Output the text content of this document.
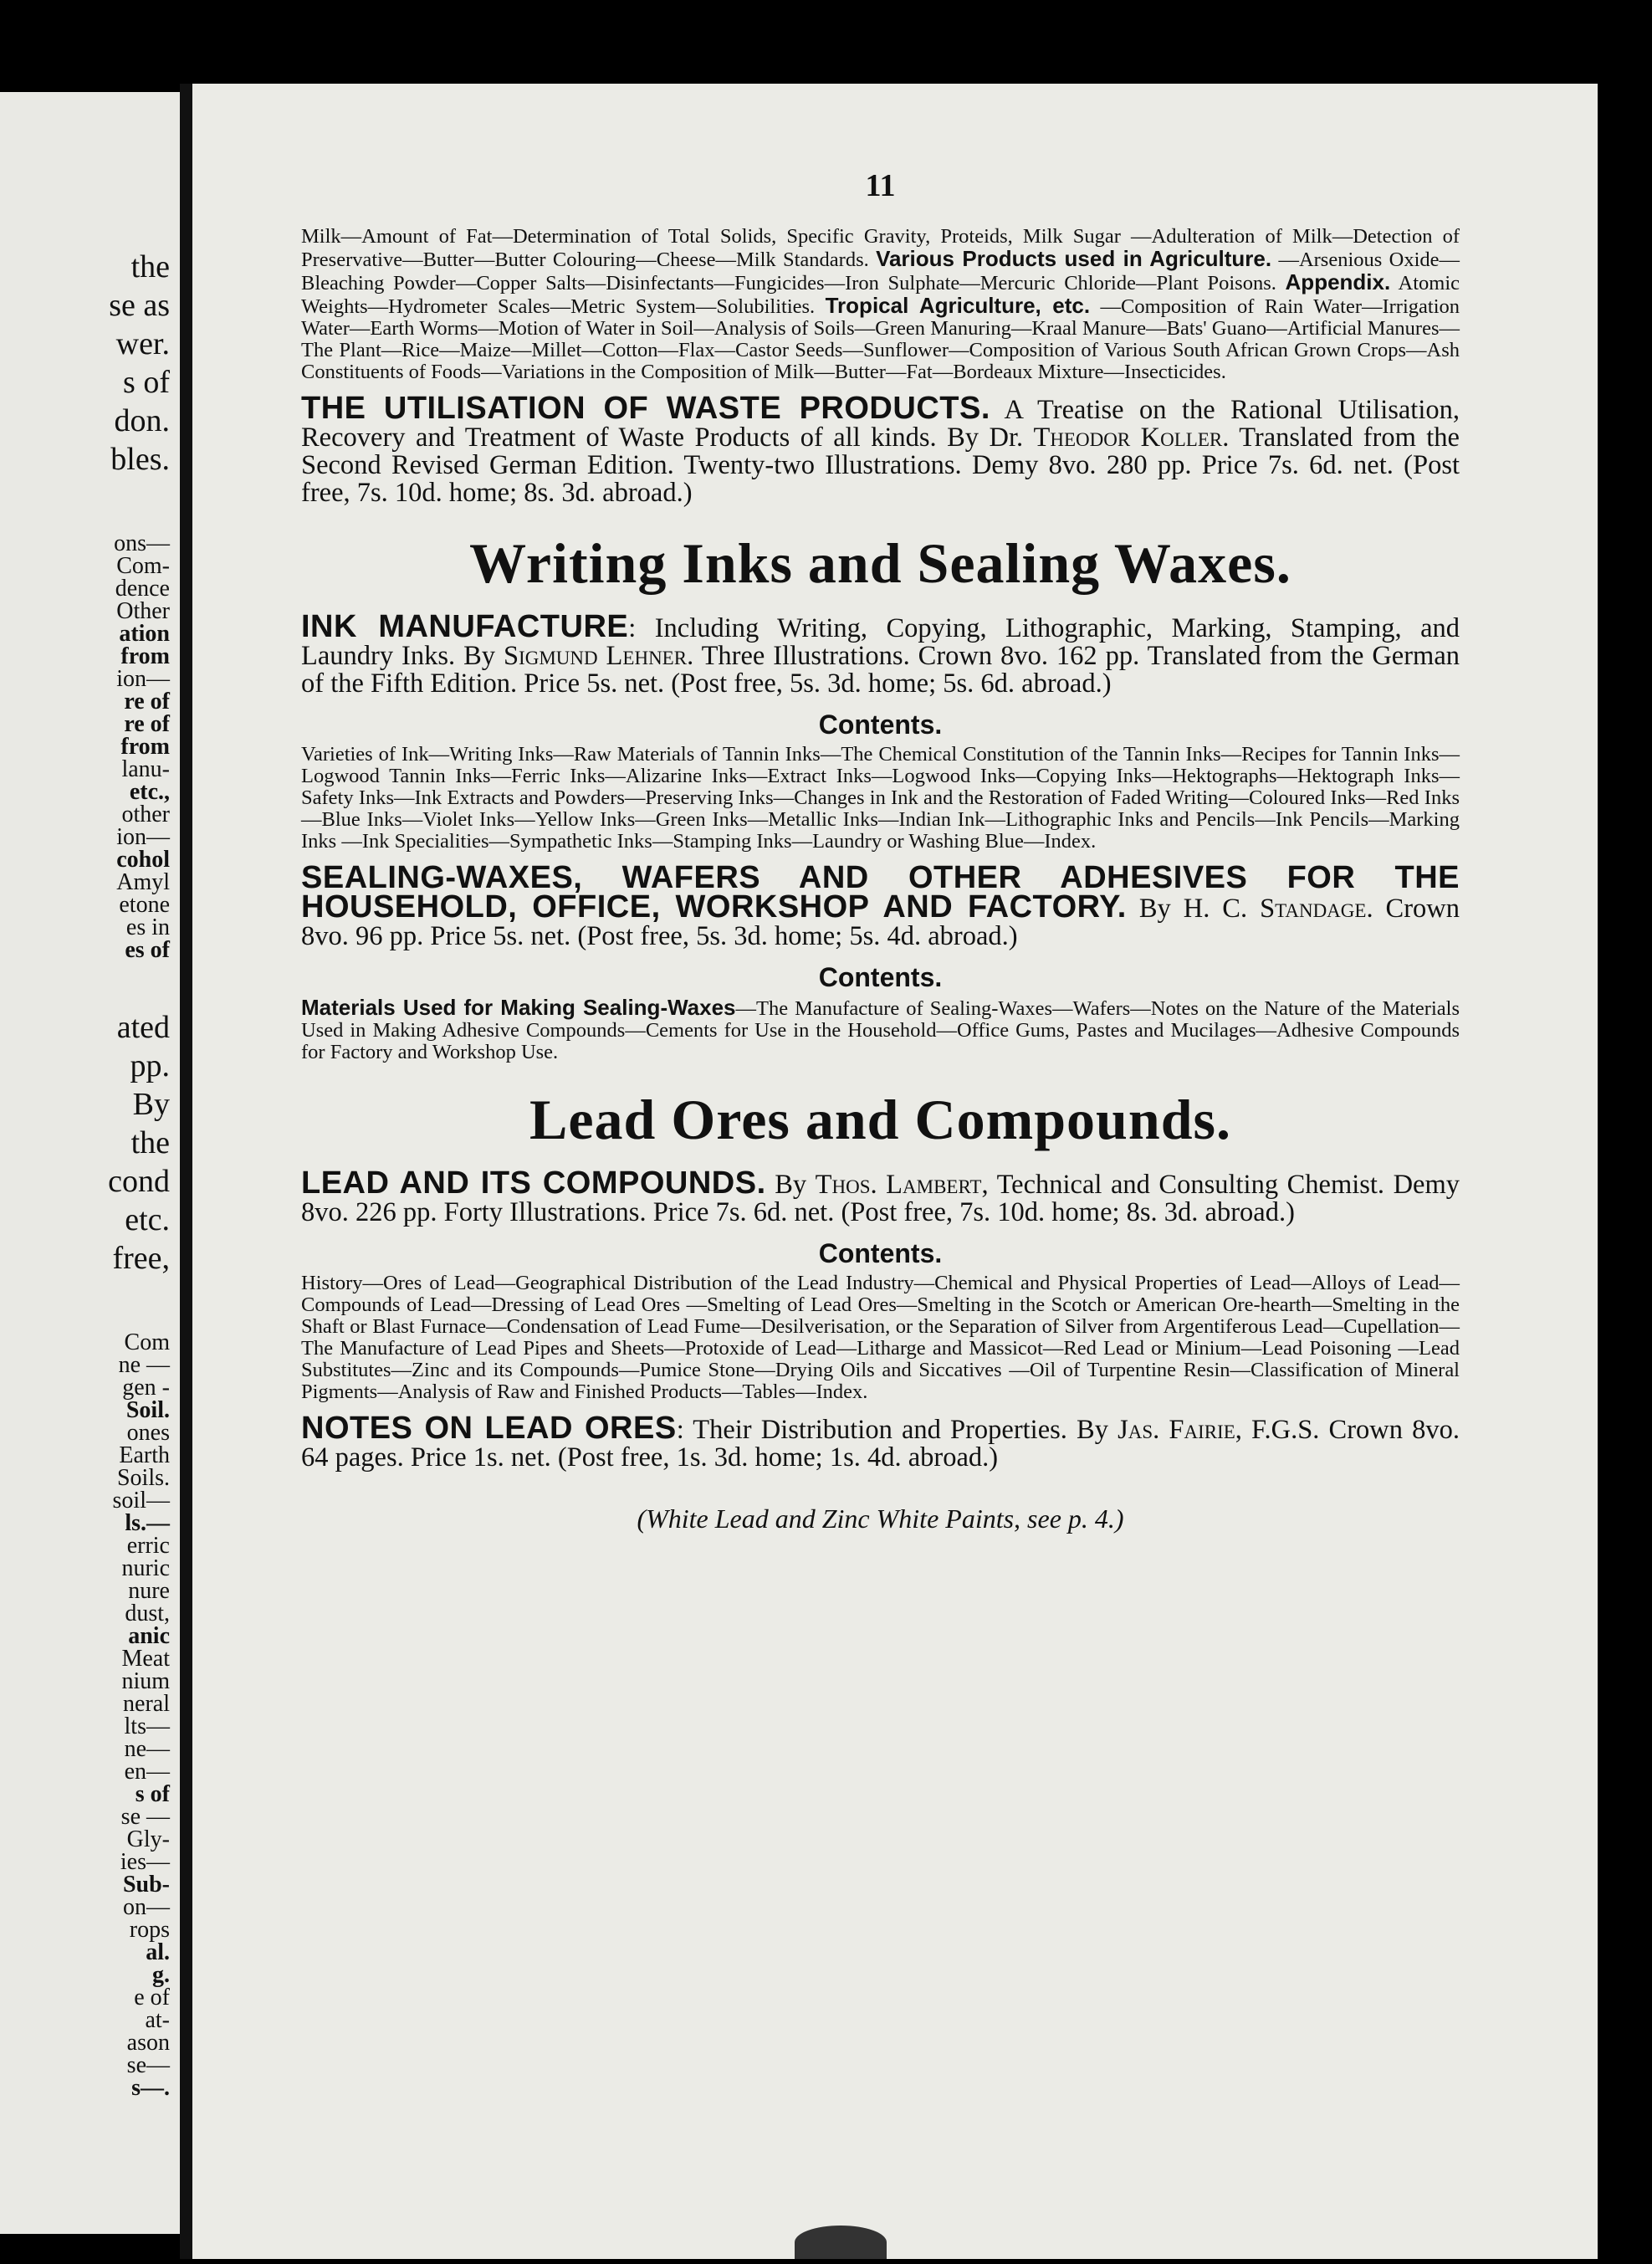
the
se as
wer.
s of
don.
bles.
ons—
Com-
dence
Other
ation
from
ion—
re of
re of
from
lanu-
etc.,
other
ion—
cohol
Amyl
etone
es in
es of
ated
pp.
By
the
cond
etc.
free,
Com
ne —
gen -
Soil.
ones
Earth
Soils.
soil—
ls.—
erric
nuric
nure
dust,
anic
Meat
nium
neral
lts—
ne—
en—
s of
se —
Gly-
ies—
Sub-
on—
rops
al.
g.
e of
at-
ason
se—
s—.
11

Milk—Amount of Fat—Determination of Total Solids, Specific Gravity, Proteids, Milk Sugar —Adulteration of Milk—Detection of Preservative—Butter—Butter Colouring—Cheese—Milk Standards. Various Products used in Agriculture. —Arsenious Oxide—Bleaching Powder—Copper Salts—Disinfectants—Fungicides—Iron Sulphate—Mercuric Chloride—Plant Poisons. Appendix. Atomic Weights—Hydrometer Scales—Metric System—Solubilities. Tropical Agriculture, etc. —Composition of Rain Water—Irrigation Water—Earth Worms—Motion of Water in Soil—Analysis of Soils—Green Manuring—Kraal Manure—Bats' Guano—Artificial Manures—The Plant—Rice—Maize—Millet—Cotton—Flax—Castor Seeds—Sunflower—Composition of Various South African Grown Crops—Ash Constituents of Foods—Variations in the Composition of Milk—Butter—Fat—Bordeaux Mixture—Insecticides.

THE UTILISATION OF WASTE PRODUCTS. A Treatise on the Rational Utilisation, Recovery and Treatment of Waste Products of all kinds. By Dr. Theodor Koller. Translated from the Second Revised German Edition. Twenty-two Illustrations. Demy 8vo. 280 pp. Price 7s. 6d. net. (Post free, 7s. 10d. home; 8s. 3d. abroad.)
Writing Inks and Sealing Waxes.
INK MANUFACTURE: Including Writing, Copying, Lithographic, Marking, Stamping, and Laundry Inks. By Sigmund Lehner. Three Illustrations. Crown 8vo. 162 pp. Translated from the German of the Fifth Edition. Price 5s. net. (Post free, 5s. 3d. home; 5s. 6d. abroad.)
Contents.

Varieties of Ink—Writing Inks—Raw Materials of Tannin Inks—The Chemical Constitution of the Tannin Inks—Recipes for Tannin Inks—Logwood Tannin Inks—Ferric Inks—Alizarine Inks—Extract Inks—Logwood Inks—Copying Inks—Hektographs—Hektograph Inks—Safety Inks—Ink Extracts and Powders—Preserving Inks—Changes in Ink and the Restoration of Faded Writing—Coloured Inks—Red Inks—Blue Inks—Violet Inks—Yellow Inks—Green Inks—Metallic Inks—Indian Ink—Lithographic Inks and Pencils—Ink Pencils—Marking Inks —Ink Specialities—Sympathetic Inks—Stamping Inks—Laundry or Washing Blue—Index.

SEALING-WAXES, WAFERS AND OTHER ADHESIVES FOR THE HOUSEHOLD, OFFICE, WORKSHOP AND FACTORY. By H. C. Standage. Crown 8vo. 96 pp. Price 5s. net. (Post free, 5s. 3d. home; 5s. 4d. abroad.)
Contents.

Materials Used for Making Sealing-Waxes—The Manufacture of Sealing-Waxes—Wafers—Notes on the Nature of the Materials Used in Making Adhesive Compounds—Cements for Use in the Household—Office Gums, Pastes and Mucilages—Adhesive Compounds for Factory and Workshop Use.

Lead Ores and Compounds.
LEAD AND ITS COMPOUNDS. By Thos. Lambert, Technical and Consulting Chemist. Demy 8vo. 226 pp. Forty Illustrations. Price 7s. 6d. net. (Post free, 7s. 10d. home; 8s. 3d. abroad.)
Contents.

History—Ores of Lead—Geographical Distribution of the Lead Industry—Chemical and Physical Properties of Lead—Alloys of Lead—Compounds of Lead—Dressing of Lead Ores —Smelting of Lead Ores—Smelting in the Scotch or American Ore-hearth—Smelting in the Shaft or Blast Furnace—Condensation of Lead Fume—Desilverisation, or the Separation of Silver from Argentiferous Lead—Cupellation—The Manufacture of Lead Pipes and Sheets—Protoxide of Lead—Litharge and Massicot—Red Lead or Minium—Lead Poisoning —Lead Substitutes—Zinc and its Compounds—Pumice Stone—Drying Oils and Siccatives —Oil of Turpentine Resin—Classification of Mineral Pigments—Analysis of Raw and Finished Products—Tables—Index.

NOTES ON LEAD ORES: Their Distribution and Properties. By Jas. Fairie, F.G.S. Crown 8vo. 64 pages. Price 1s. net. (Post free, 1s. 3d. home; 1s. 4d. abroad.)
(White Lead and Zinc White Paints, see p. 4.)
